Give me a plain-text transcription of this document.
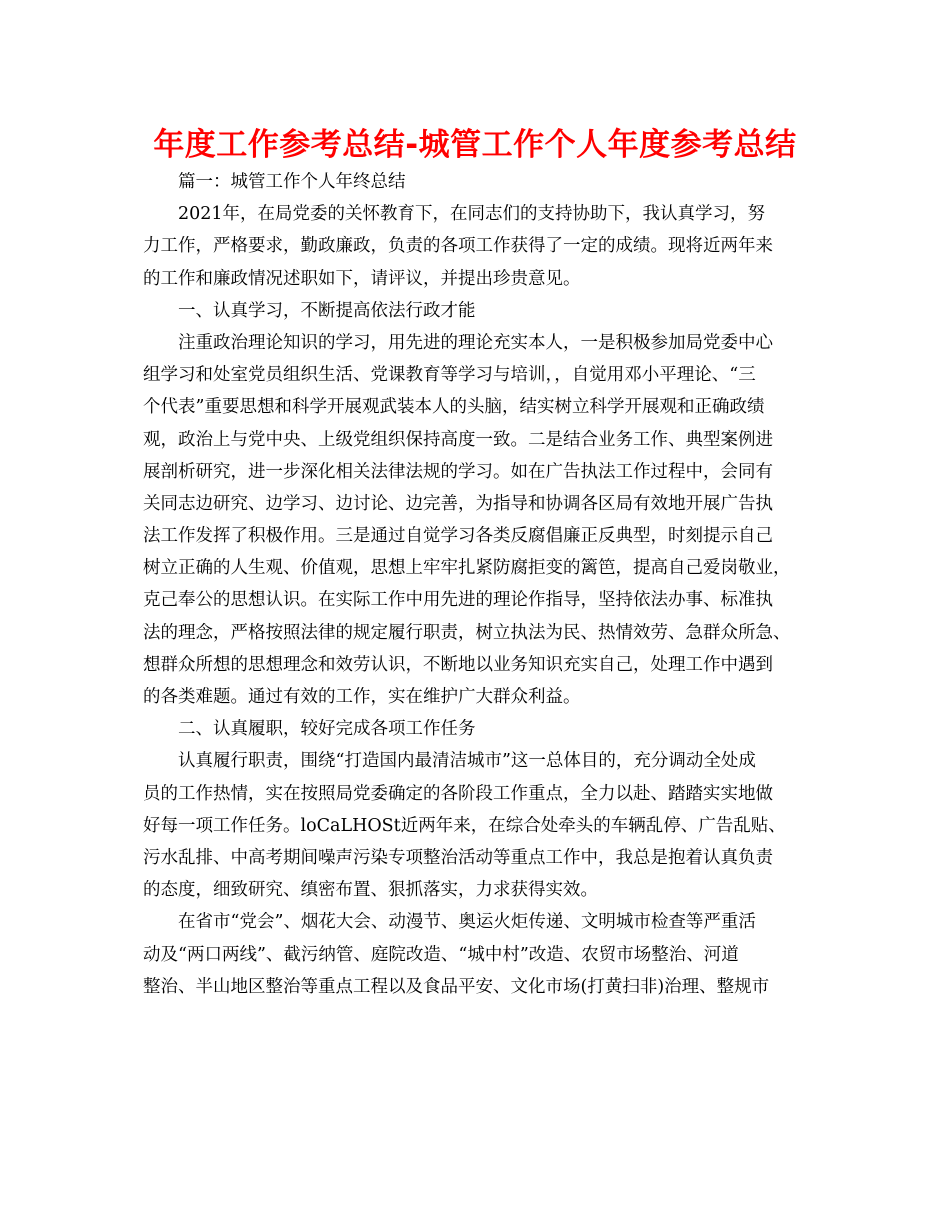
年度工作参考总结-城管工作个人年度参考总结
篇一：城管工作个人年终总结
2021年，在局党委的关怀教育下，在同志们的支持协助下，我认真学习，努
力工作，严格要求，勤政廉政，负责的各项工作获得了一定的成绩。现将近两年来
的工作和廉政情况述职如下，请评议，并提出珍贵意见。
一、认真学习，不断提高依法行政才能
注重政治理论知识的学习，用先进的理论充实本人，一是积极参加局党委中心
组学习和处室党员组织生活、党课教育等学习与培训，，自觉用邓小平理论、“三
个代表”重要思想和科学开展观武装本人的头脑，结实树立科学开展观和正确政绩
观，政治上与党中央、上级党组织保持高度一致。二是结合业务工作、典型案例进
展剖析研究，进一步深化相关法律法规的学习。如在广告执法工作过程中，会同有
关同志边研究、边学习、边讨论、边完善，为指导和协调各区局有效地开展广告执
法工作发挥了积极作用。三是通过自觉学习各类反腐倡廉正反典型，时刻提示自己
树立正确的人生观、价值观，思想上牢牢扎紧防腐拒变的篱笆，提高自己爱岗敬业，
克己奉公的思想认识。在实际工作中用先进的理论作指导，坚持依法办事、标准执
法的理念，严格按照法律的规定履行职责，树立执法为民、热情效劳、急群众所急、
想群众所想的思想理念和效劳认识，不断地以业务知识充实自己，处理工作中遇到
的各类难题。通过有效的工作，实在维护广大群众利益。
二、认真履职，较好完成各项工作任务
认真履行职责，围绕“打造国内最清洁城市”这一总体目的，充分调动全处成
员的工作热情，实在按照局党委确定的各阶段工作重点，全力以赴、踏踏实实地做
好每一项工作任务。loCaLHOSt近两年来，在综合处牵头的车辆乱停、广告乱贴、
污水乱排、中高考期间噪声污染专项整治活动等重点工作中，我总是抱着认真负责
的态度，细致研究、缜密布置、狠抓落实，力求获得实效。
在省市“党会”、烟花大会、动漫节、奥运火炬传递、文明城市检查等严重活
动及“两口两线”、截污纳管、庭院改造、“城中村”改造、农贸市场整治、河道
整治、半山地区整治等重点工程以及食品平安、文化市场(打黄扫非)治理、整规市
